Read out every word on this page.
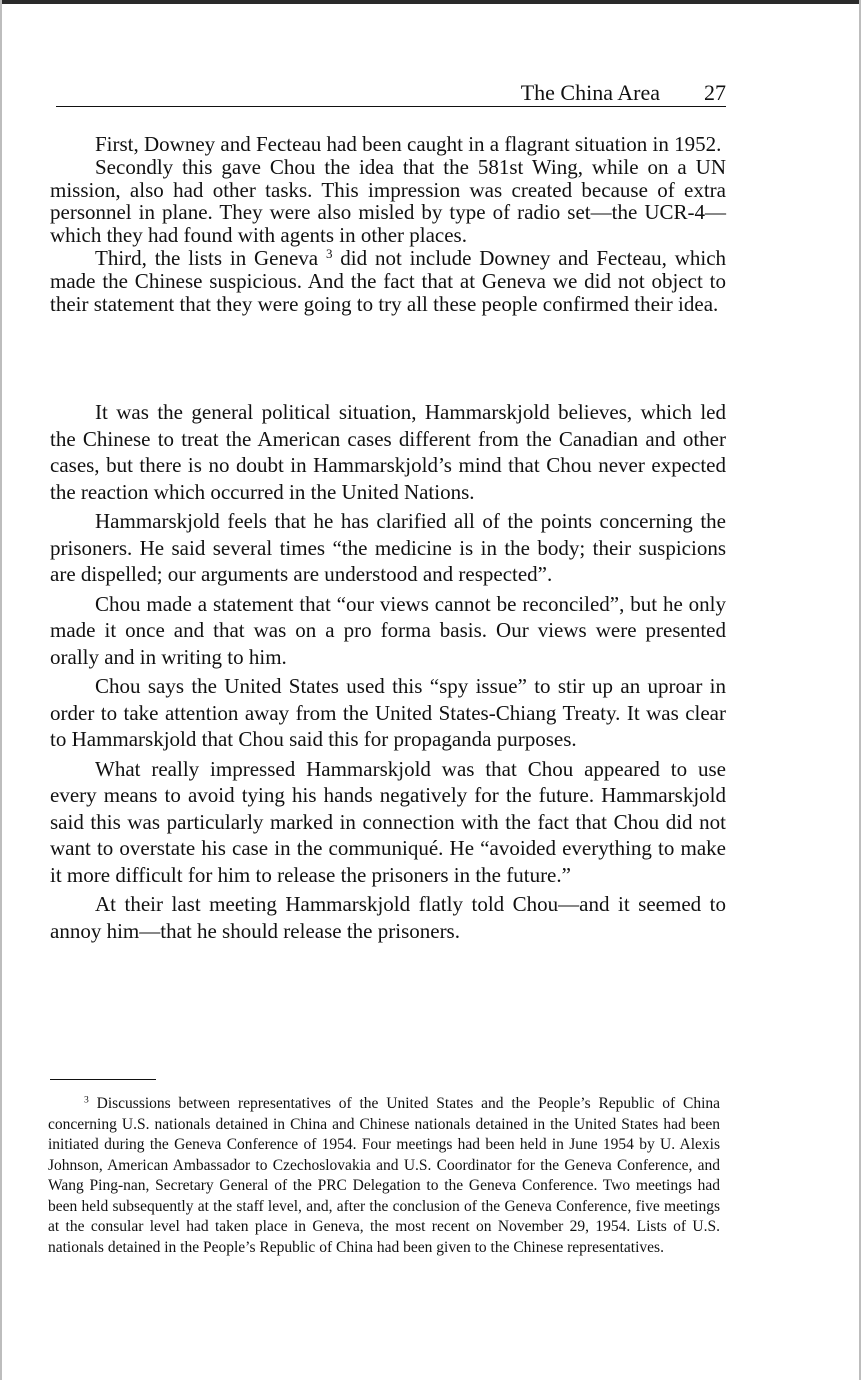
The China Area 27

First, Downey and Fecteau had been caught in a flagrant situation in 1952.

Secondly this gave Chou the idea that the 581st Wing, while on a UN mission, also had other tasks. This impression was created because of extra personnel in plane. They were also misled by type of radio set—the UCR-4—which they had found with agents in other places.

Third, the lists in Geneva $^3$ did not include Downey and Fecteau, which made the Chinese suspicious. And the fact that at Geneva we did not object to their statement that they were going to try all these people confirmed their idea.

It was the general political situation, Hammarskjold believes, which led the Chinese to treat the American cases different from the Canadian and other cases, but there is no doubt in Hammarskjold’s mind that Chou never expected the reaction which occurred in the United Nations.

Hammarskjold feels that he has clarified all of the points concerning the prisoners. He said several times “the medicine is in the body; their suspicions are dispelled; our arguments are understood and respected”.

Chou made a statement that “our views cannot be reconciled”, but he only made it once and that was on a pro forma basis. Our views were presented orally and in writing to him.

Chou says the United States used this “spy issue” to stir up an uproar in order to take attention away from the United States-Chiang Treaty. It was clear to Hammarskjold that Chou said this for propaganda purposes.

What really impressed Hammarskjold was that Chou appeared to use every means to avoid tying his hands negatively for the future. Hammarskjold said this was particularly marked in connection with the fact that Chou did not want to overstate his case in the communiqué. He “avoided everything to make it more difficult for him to release the prisoners in the future.”

At their last meeting Hammarskjold flatly told Chou—and it seemed to annoy him—that he should release the prisoners.

$^3$ Discussions between representatives of the United States and the People’s Republic of China concerning U.S. nationals detained in China and Chinese nationals detained in the United States had been initiated during the Geneva Conference of 1954. Four meetings had been held in June 1954 by U. Alexis Johnson, American Ambassador to Czechoslovakia and U.S. Coordinator for the Geneva Conference, and Wang Ping-nan, Secretary General of the PRC Delegation to the Geneva Conference. Two meetings had been held subsequently at the staff level, and, after the conclusion of the Geneva Conference, five meetings at the consular level had taken place in Geneva, the most recent on November 29, 1954. Lists of U.S. nationals detained in the People’s Republic of China had been given to the Chinese representatives.
